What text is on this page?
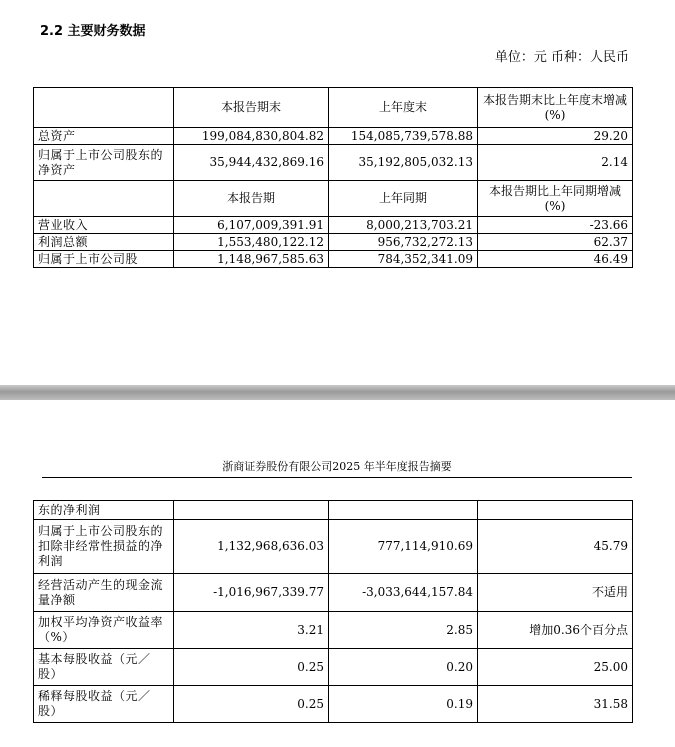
2.2 主要财务数据
单位：元 币种：人民币
	本报告期末	上年度末	本报告期末比上年度末增减(%)
总资产	199,084,830,804.82	154,085,739,578.88	29.20
归属于上市公司股东的净资产	35,944,432,869.16	35,192,805,032.13	2.14
	本报告期	上年同期	本报告期比上年同期增减(%)
营业收入	6,107,009,391.91	8,000,213,703.21	-23.66
利润总额	1,553,480,122.12	956,732,272.13	62.37
归属于上市公司股	1,148,967,585.63	784,352,341.09	46.49
浙商证券股份有限公司2025 年半年度报告摘要
东的净利润			
归属于上市公司股东的扣除非经常性损益的净利润	1,132,968,636.03	777,114,910.69	45.79
经营活动产生的现金流量净额	-1,016,967,339.77	-3,033,644,157.84	不适用
加权平均净资产收益率（%）	3.21	2.85	增加0.36个百分点
基本每股收益（元／股）	0.25	0.20	25.00
稀释每股收益（元／股）	0.25	0.19	31.58
